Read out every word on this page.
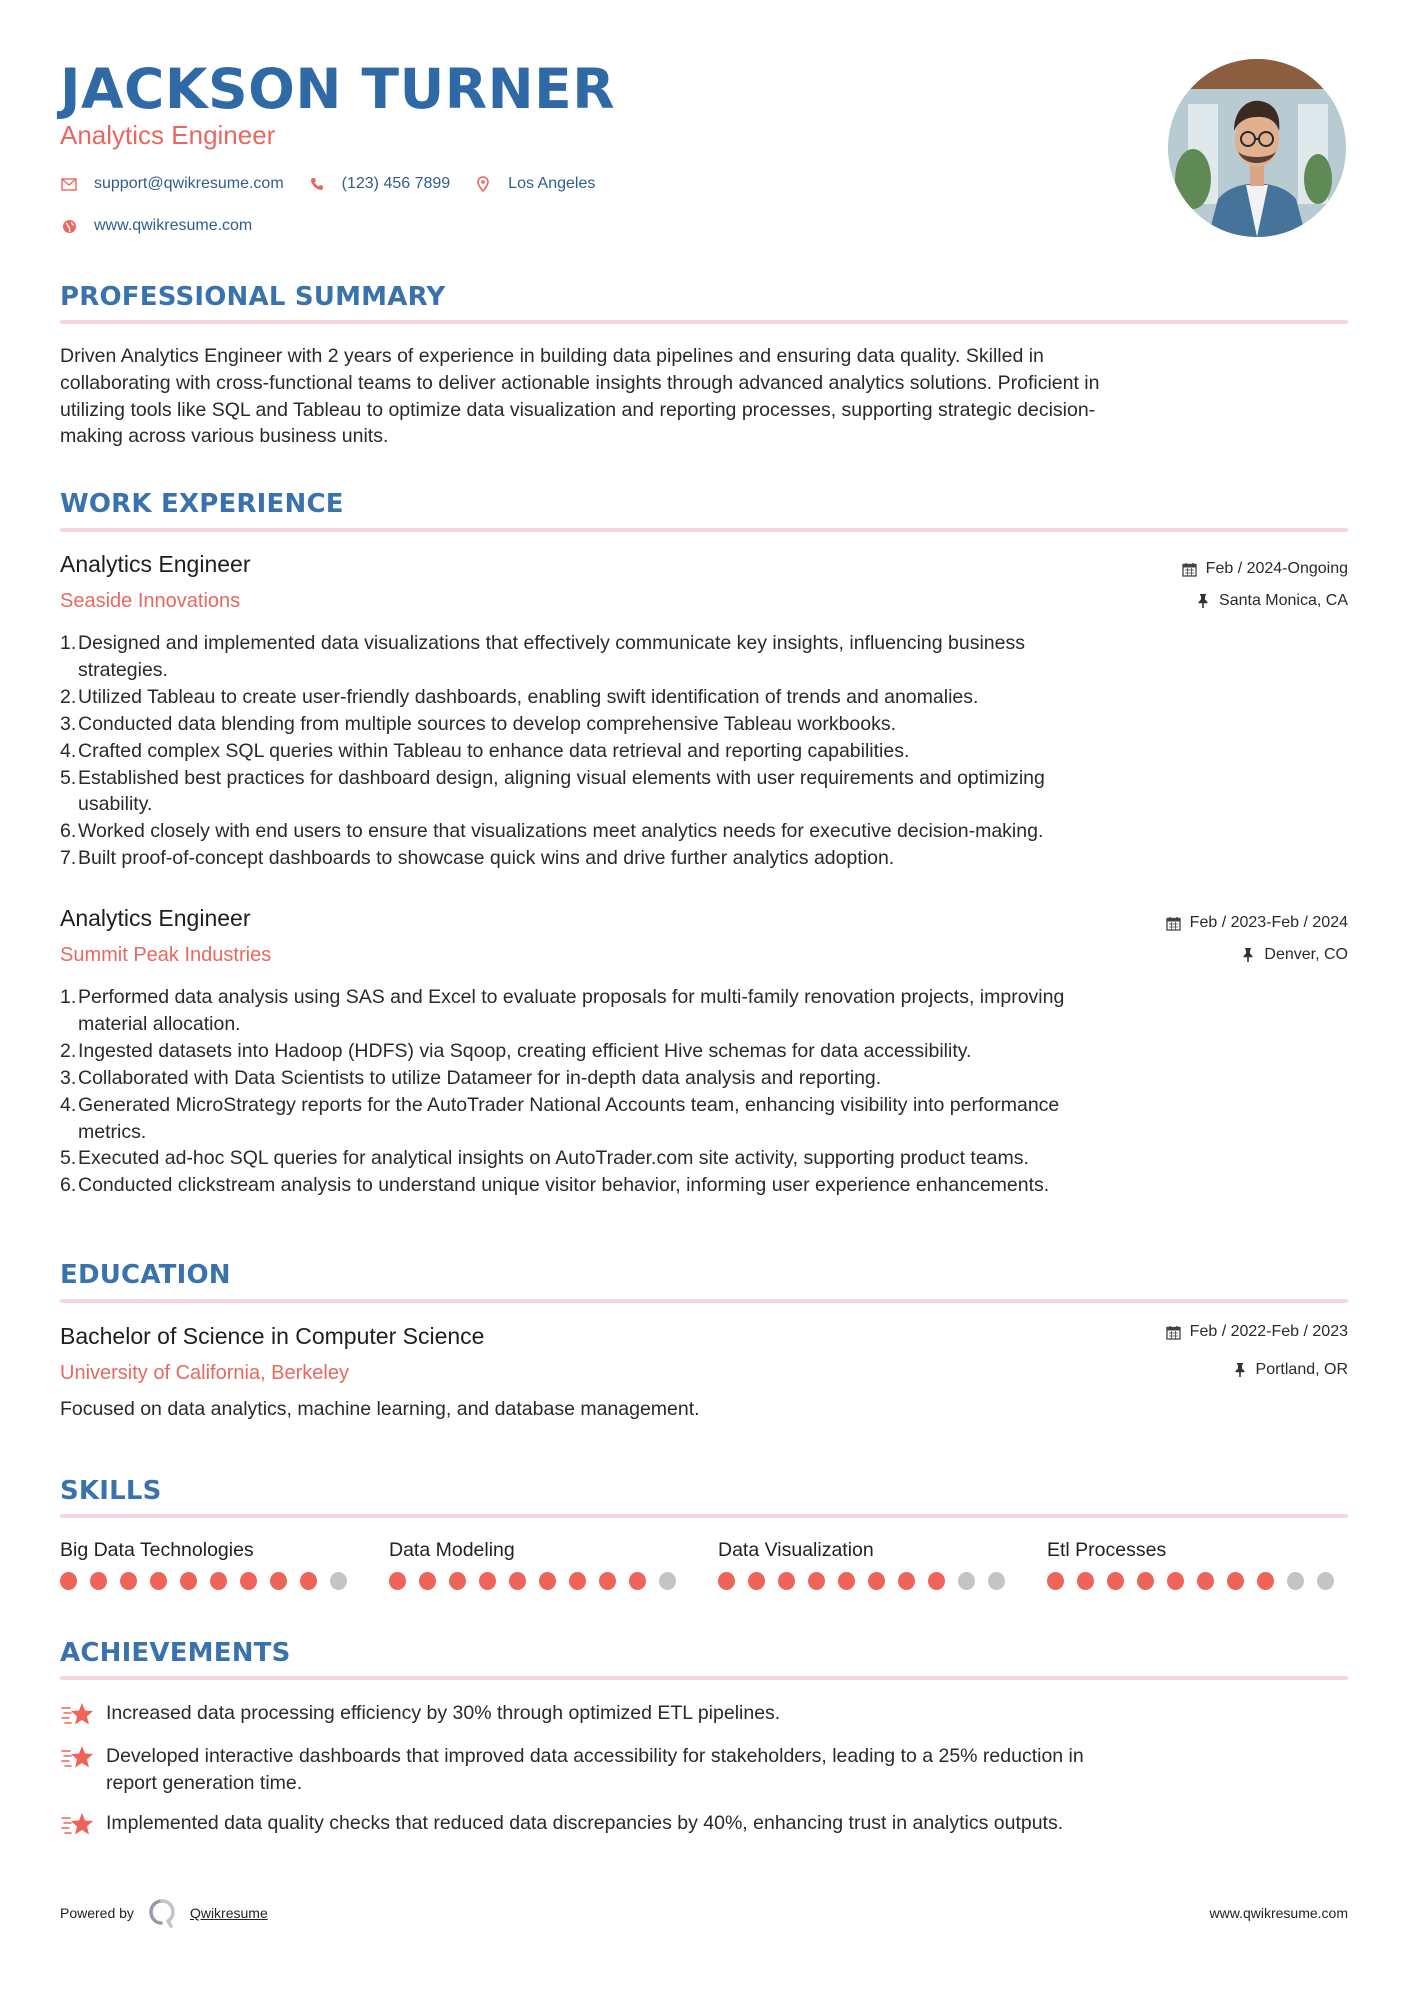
JACKSON TURNER
Analytics Engineer
support@qwikresume.com	(123) 456 7899	Los Angeles
www.qwikresume.com
PROFESSIONAL SUMMARY
Driven Analytics Engineer with 2 years of experience in building data pipelines and ensuring data quality. Skilled in
collaborating with cross-functional teams to deliver actionable insights through advanced analytics solutions. Proficient in
utilizing tools like SQL and Tableau to optimize data visualization and reporting processes, supporting strategic decision-
making across various business units.
WORK EXPERIENCE
Analytics Engineer
Seaside Innovations
Feb / 2024-Ongoing
Santa Monica, CA
1. Designed and implemented data visualizations that effectively communicate key insights, influencing business
strategies.
2. Utilized Tableau to create user-friendly dashboards, enabling swift identification of trends and anomalies.
3. Conducted data blending from multiple sources to develop comprehensive Tableau workbooks.
4. Crafted complex SQL queries within Tableau to enhance data retrieval and reporting capabilities.
5. Established best practices for dashboard design, aligning visual elements with user requirements and optimizing
usability.
6. Worked closely with end users to ensure that visualizations meet analytics needs for executive decision-making.
7. Built proof-of-concept dashboards to showcase quick wins and drive further analytics adoption.
Analytics Engineer
Summit Peak Industries
Feb / 2023-Feb / 2024
Denver, CO
1. Performed data analysis using SAS and Excel to evaluate proposals for multi-family renovation projects, improving
material allocation.
2. Ingested datasets into Hadoop (HDFS) via Sqoop, creating efficient Hive schemas for data accessibility.
3. Collaborated with Data Scientists to utilize Datameer for in-depth data analysis and reporting.
4. Generated MicroStrategy reports for the AutoTrader National Accounts team, enhancing visibility into performance
metrics.
5. Executed ad-hoc SQL queries for analytical insights on AutoTrader.com site activity, supporting product teams.
6. Conducted clickstream analysis to understand unique visitor behavior, informing user experience enhancements.
EDUCATION
Bachelor of Science in Computer Science
University of California, Berkeley
Feb / 2022-Feb / 2023
Portland, OR
Focused on data analytics, machine learning, and database management.
SKILLS
Big Data Technologies	Data Modeling	Data Visualization	Etl Processes
ACHIEVEMENTS
Increased data processing efficiency by 30% through optimized ETL pipelines.
Developed interactive dashboards that improved data accessibility for stakeholders, leading to a 25% reduction in
report generation time.
Implemented data quality checks that reduced data discrepancies by 40%, enhancing trust in analytics outputs.
Powered by	Qwikresume	www.qwikresume.com
